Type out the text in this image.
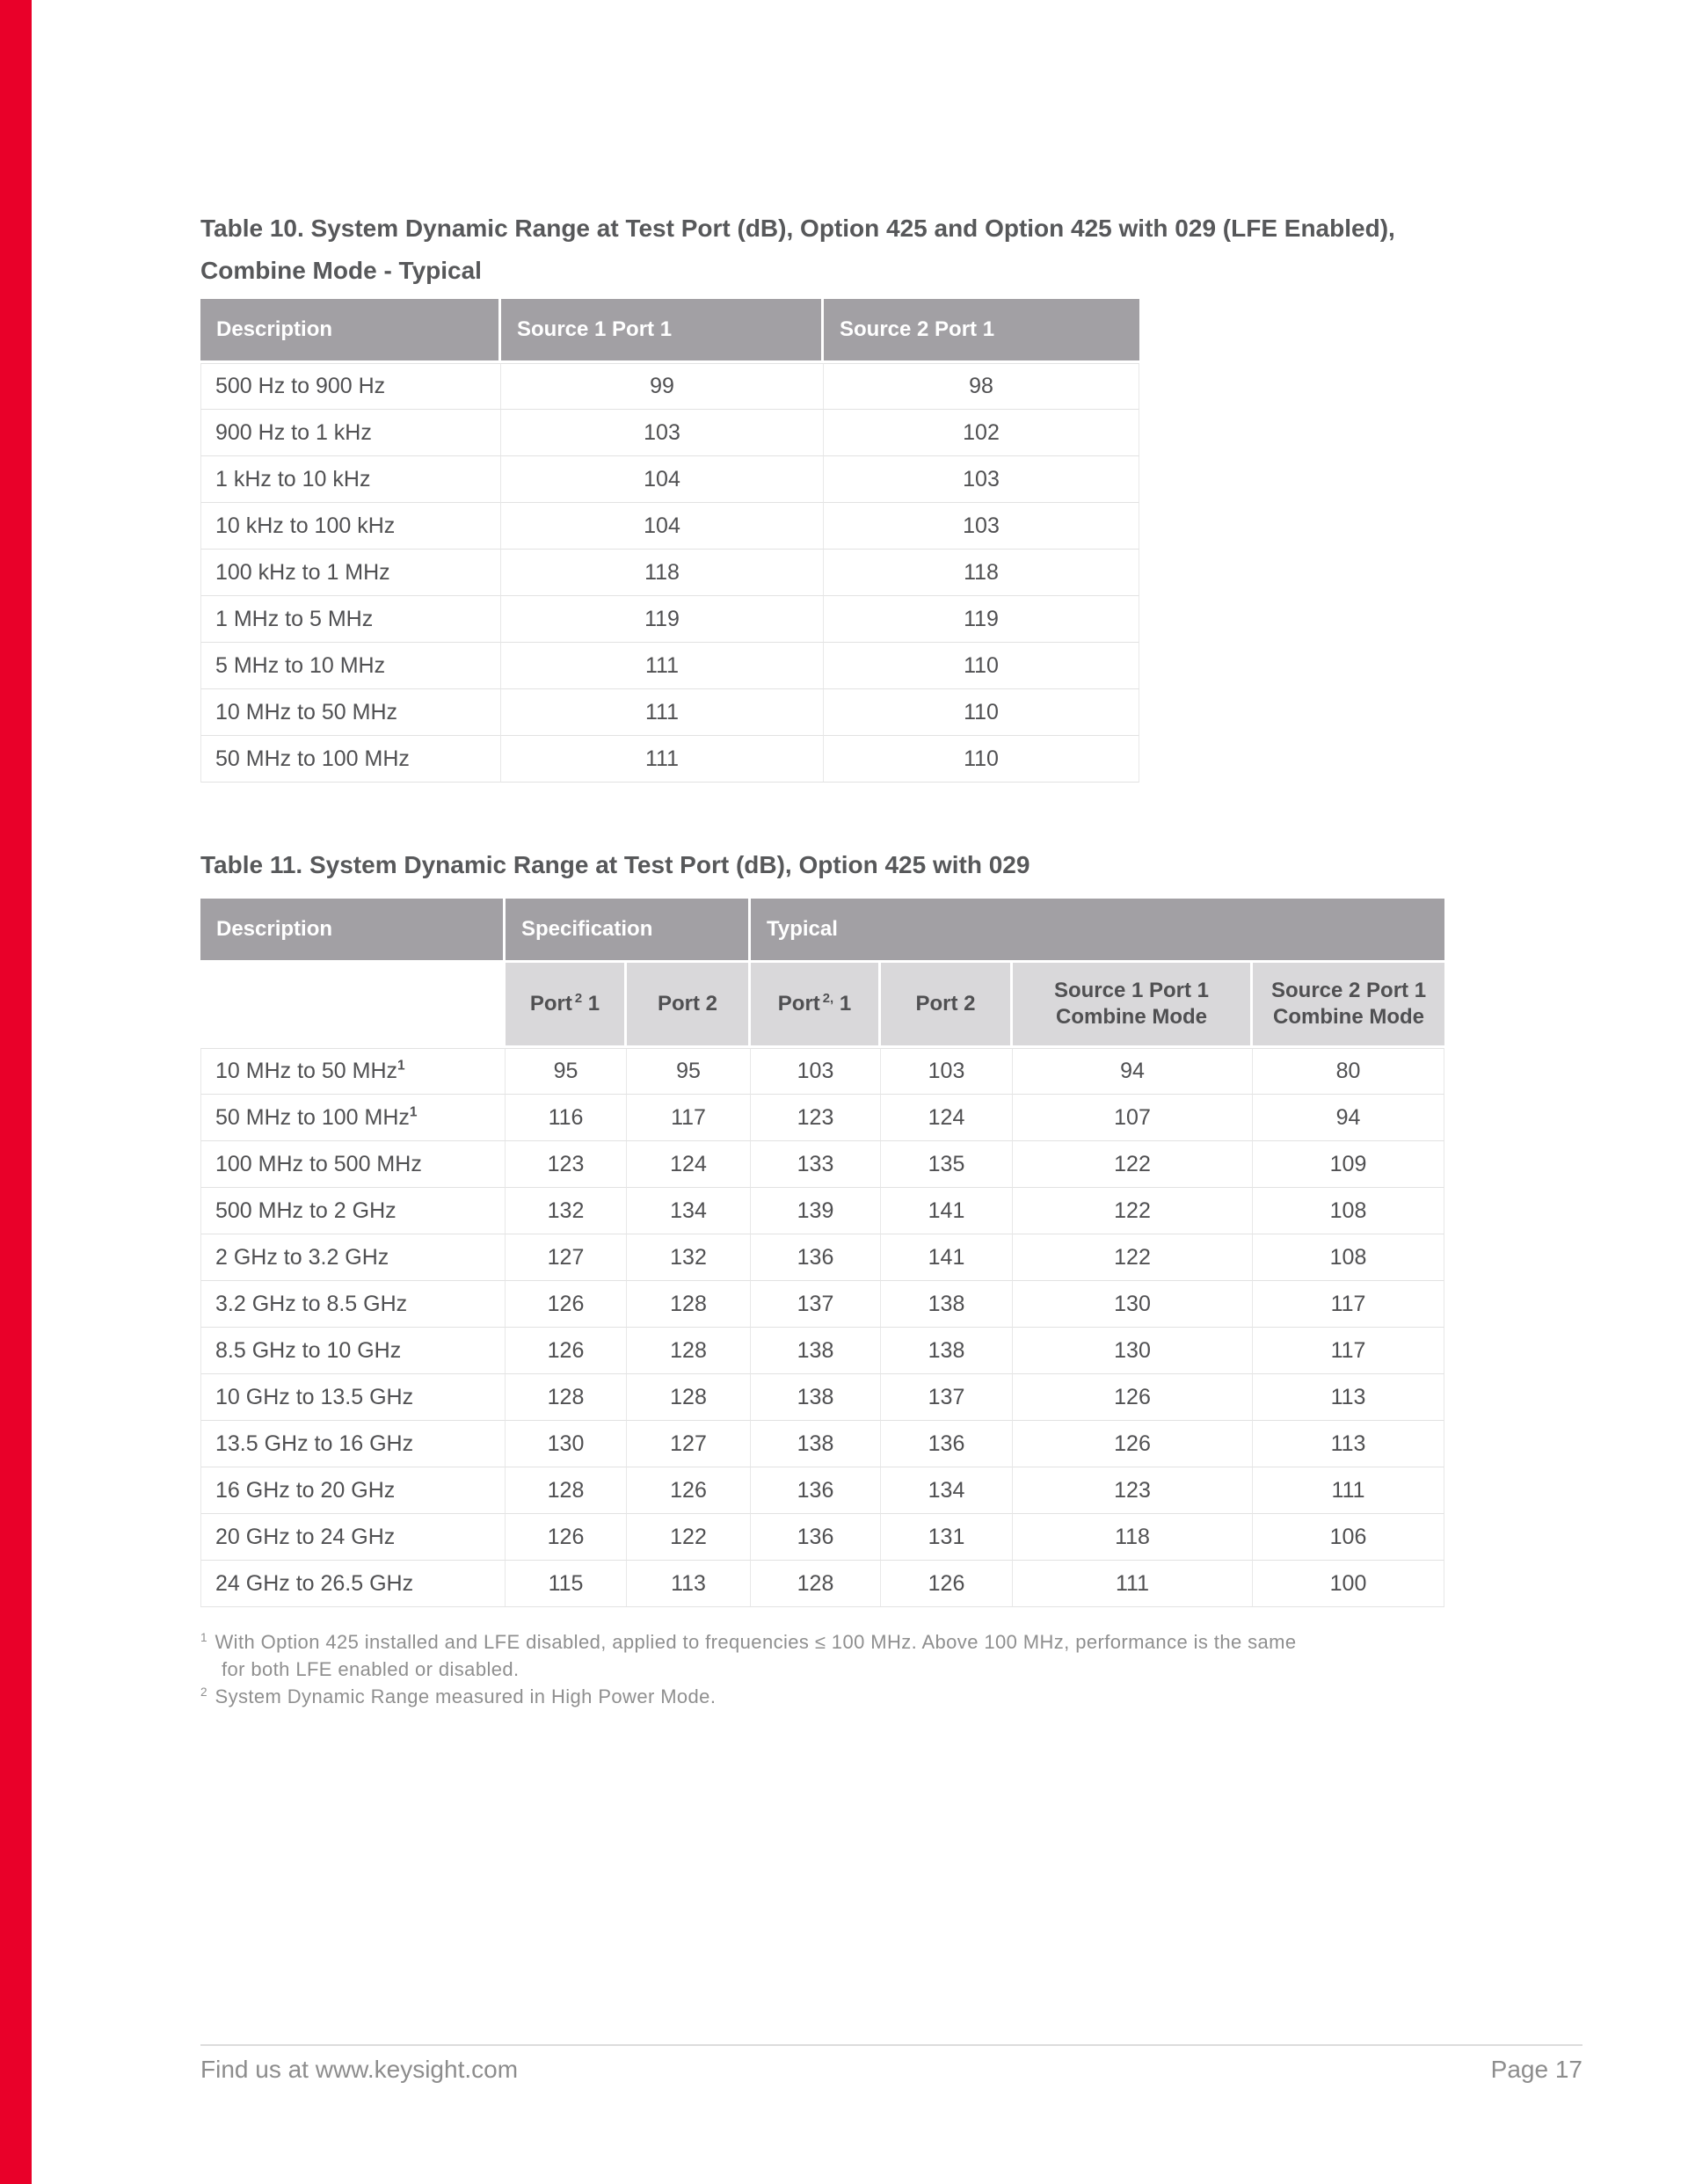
Table 10. System Dynamic Range at Test Port (dB), Option 425 and Option 425 with 029 (LFE Enabled),
Combine Mode - Typical
Description	Source 1 Port 1	Source 2 Port 1
500 Hz to 900 Hz	99	98
900 Hz to 1 kHz	103	102
1 kHz to 10 kHz	104	103
10 kHz to 100 kHz	104	103
100 kHz to 1 MHz	118	118
1 MHz to 5 MHz	119	119
5 MHz to 10 MHz	111	110
10 MHz to 50 MHz	111	110
50 MHz to 100 MHz	111	110
Table 11. System Dynamic Range at Test Port (dB), Option 425 with 029
Description	Specification		Typical			
	Port $^2$ 1	Port 2	Port $^{2,}$ 1	Port 2	Source 1 Port 1 Combine Mode	Source 2 Port 1 Combine Mode
10 MHz to 50 MHz$^1$	95	95	103	103	94	80
50 MHz to 100 MHz$^1$	116	117	123	124	107	94
100 MHz to 500 MHz	123	124	133	135	122	109
500 MHz to 2 GHz	132	134	139	141	122	108
2 GHz to 3.2 GHz	127	132	136	141	122	108
3.2 GHz to 8.5 GHz	126	128	137	138	130	117
8.5 GHz to 10 GHz	126	128	138	138	130	117
10 GHz to 13.5 GHz	128	128	138	137	126	113
13.5 GHz to 16 GHz	130	127	138	136	126	113
16 GHz to 20 GHz	128	126	136	134	123	111
20 GHz to 24 GHz	126	122	136	131	118	106
24 GHz to 26.5 GHz	115	113	128	126	111	100
$^1$ With Option 425 installed and LFE disabled, applied to frequencies ≤ 100 MHz. Above 100 MHz, performance is the same for both LFE enabled or disabled.
$^2$ System Dynamic Range measured in High Power Mode.
Find us at www.keysight.com	Page 17
